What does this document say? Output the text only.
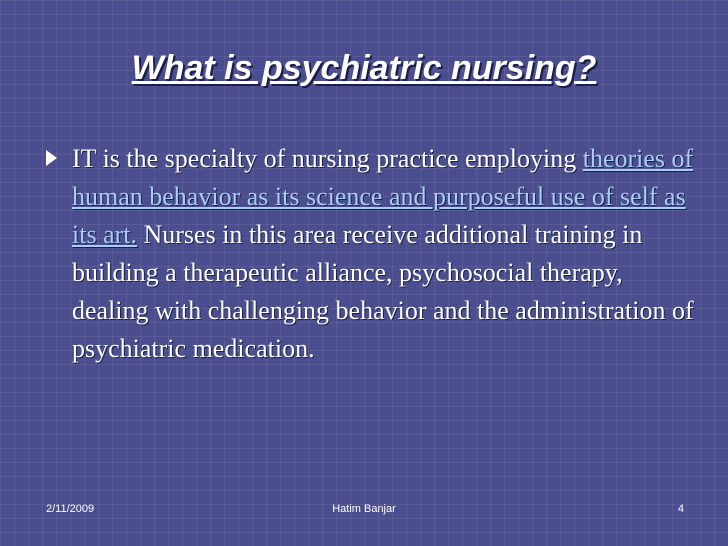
What is psychiatric nursing?
IT is the specialty of nursing practice employing theories of human behavior as its science and purposeful use of self as its art. Nurses in this area receive additional training in building a therapeutic alliance, psychosocial therapy, dealing with challenging behavior and the administration of psychiatric medication.
2/11/2009	Hatim Banjar	4
